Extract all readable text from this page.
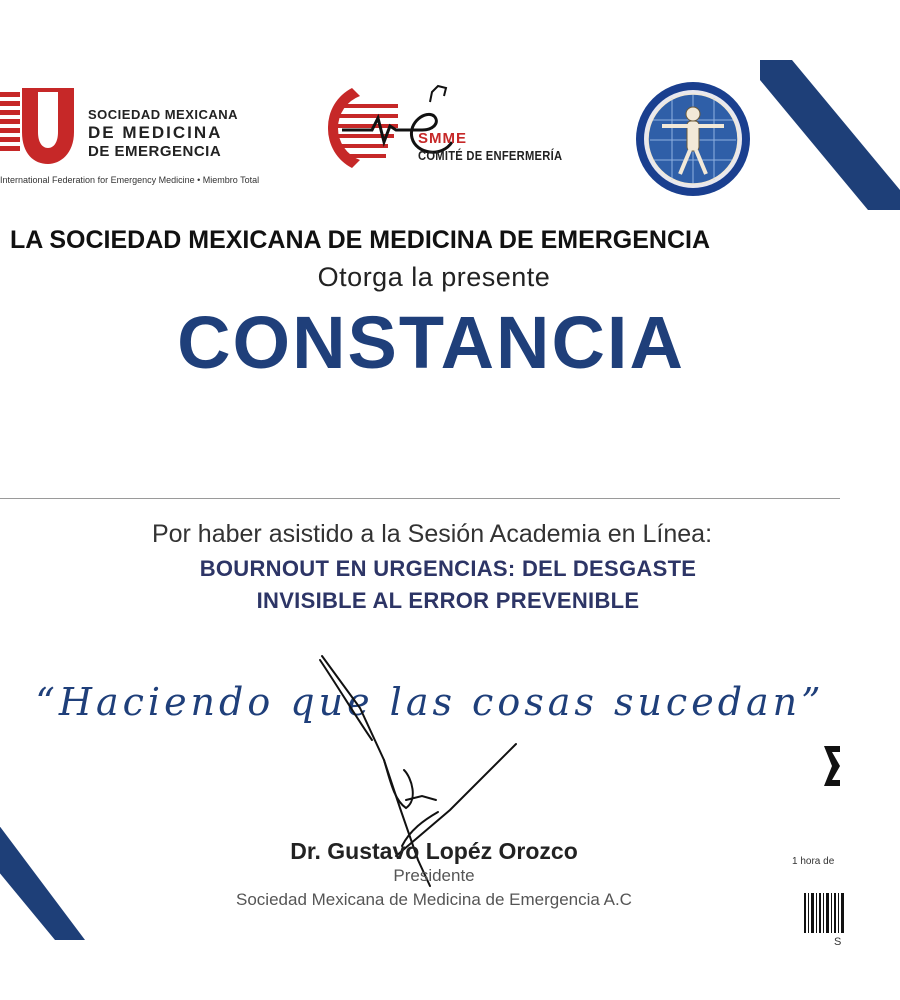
SOCIEDAD MEXICANA
DE MEDICINA
DE EMERGENCIA
International Federation for Emergency Medicine • Miembro Total
SMME
COMITÉ DE ENFERMERÍA
LA SOCIEDAD MEXICANA DE MEDICINA DE EMERGENCIA
Otorga la presente
CONSTANCIA
Por haber asistido a la Sesión Academia en Línea:
BOURNOUT EN URGENCIAS: DEL DESGASTE
INVISIBLE AL ERROR PREVENIBLE
“Haciendo que las cosas sucedan”
Dr. Gustavo Lopéz Orozco
Presidente
Sociedad Mexicana de Medicina de Emergencia A.C
1 hora de
S
